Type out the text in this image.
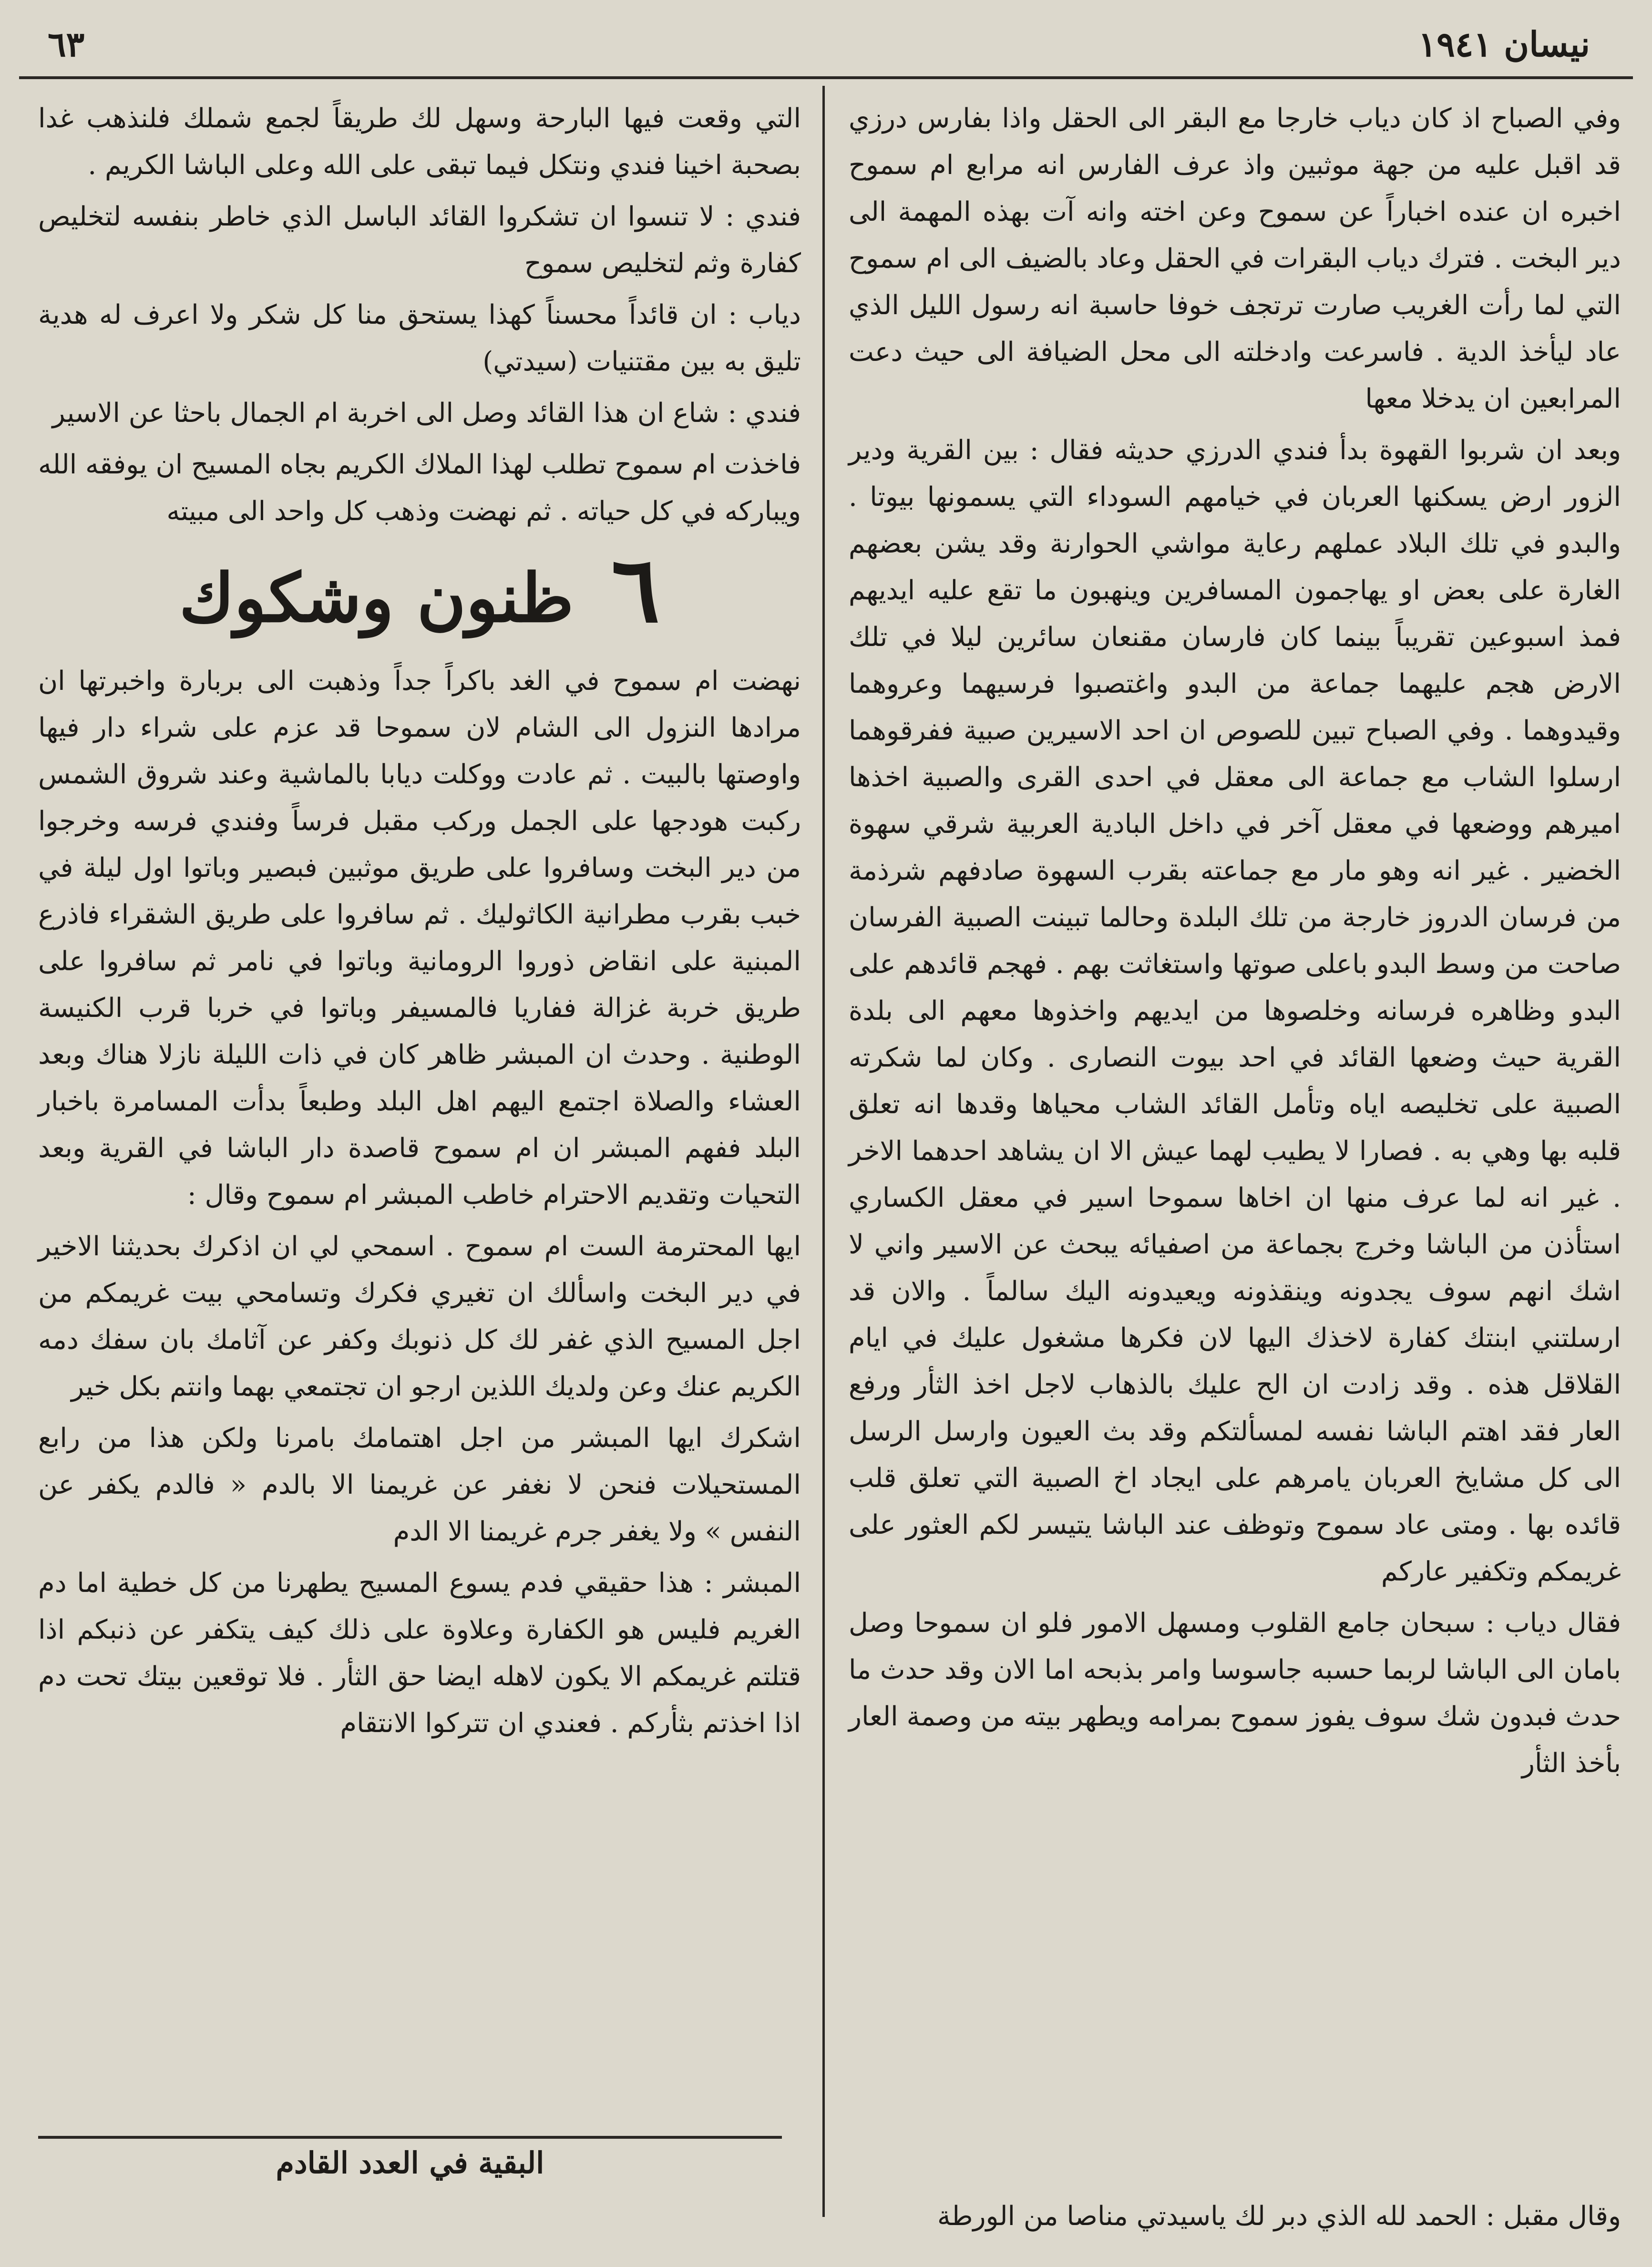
نيسان ١٩٤١
٦٣

وفي الصباح اذ كان دياب خارجا مع البقر الى الحقل واذا بفارس درزي قد اقبل عليه من جهة موثبين واذ عرف الفارس انه مرابع ام سموح اخبره ان عنده اخباراً عن سموح وعن اخته وانه آت بهذه المهمة الى دير البخت . فترك دياب البقرات في الحقل وعاد بالضيف الى ام سموح التي لما رأت الغريب صارت ترتجف خوفا حاسبة انه رسول الليل الذي عاد ليأخذ الدية . فاسرعت وادخلته الى محل الضيافة الى حيث دعت المرابعين ان يدخلا معها

وبعد ان شربوا القهوة بدأ فندي الدرزي حديثه فقال : بين القرية ودير الزور ارض يسكنها العربان في خيامهم السوداء التي يسمونها بيوتا . والبدو في تلك البلاد عملهم رعاية مواشي الحوارنة وقد يشن بعضهم الغارة على بعض او يهاجمون المسافرين وينهبون ما تقع عليه ايديهم فمذ اسبوعين تقريباً بينما كان فارسان مقنعان سائرين ليلا في تلك الارض هجم عليهما جماعة من البدو واغتصبوا فرسيهما وعروهما وقيدوهما . وفي الصباح تبين للصوص ان احد الاسيرين صبية ففرقوهما ارسلوا الشاب مع جماعة الى معقل في احدى القرى والصبية اخذها اميرهم ووضعها في معقل آخر في داخل البادية العربية شرقي سهوة الخضير . غير انه وهو مار مع جماعته بقرب السهوة صادفهم شرذمة من فرسان الدروز خارجة من تلك البلدة وحالما تبينت الصبية الفرسان صاحت من وسط البدو باعلى صوتها واستغاثت بهم . فهجم قائدهم على البدو وظاهره فرسانه وخلصوها من ايديهم واخذوها معهم الى بلدة القرية حيث وضعها القائد في احد بيوت النصارى . وكان لما شكرته الصبية على تخليصه اياه وتأمل القائد الشاب محياها وقدها انه تعلق قلبه بها وهي به . فصارا لا يطيب لهما عيش الا ان يشاهد احدهما الاخر . غير انه لما عرف منها ان اخاها سموحا اسير في معقل الكساري استأذن من الباشا وخرج بجماعة من اصفيائه يبحث عن الاسير واني لا اشك انهم سوف يجدونه وينقذونه ويعيدونه اليك سالماً . والان قد ارسلتني ابنتك كفارة لاخذك اليها لان فكرها مشغول عليك في ايام القلاقل هذه . وقد زادت ان الح عليك بالذهاب لاجل اخذ الثأر ورفع العار فقد اهتم الباشا نفسه لمسألتكم وقد بث العيون وارسل الرسل الى كل مشايخ العربان يامرهم على ايجاد اخ الصبية التي تعلق قلب قائده بها . ومتى عاد سموح وتوظف عند الباشا يتيسر لكم العثور على غريمكم وتكفير عاركم

فقال دياب : سبحان جامع القلوب ومسهل الامور فلو ان سموحا وصل بامان الى الباشا لربما حسبه جاسوسا وامر بذبحه اما الان وقد حدث ما حدث فبدون شك سوف يفوز سموح بمرامه ويطهر بيته من وصمة العار بأخذ الثأر

وقال مقبل : الحمد لله الذي دبر لك ياسيدتي مناصا من الورطة

التي وقعت فيها البارحة وسهل لك طريقاً لجمع شملك فلنذهب غدا بصحبة اخينا فندي ونتكل فيما تبقى على الله وعلى الباشا الكريم .

فندي : لا تنسوا ان تشكروا القائد الباسل الذي خاطر بنفسه لتخليص كفارة وثم لتخليص سموح

دياب : ان قائداً محسناً كهذا يستحق منا كل شكر ولا اعرف له هدية تليق به بين مقتنيات (سيدتي)

فندي : شاع ان هذا القائد وصل الى اخربة ام الجمال باحثا عن الاسير

فاخذت ام سموح تطلب لهذا الملاك الكريم بجاه المسيح ان يوفقه الله ويباركه في كل حياته . ثم نهضت وذهب كل واحد الى مبيته

٦ ظنون وشكوك

نهضت ام سموح في الغد باكراً جداً وذهبت الى بربارة واخبرتها ان مرادها النزول الى الشام لان سموحا قد عزم على شراء دار فيها واوصتها بالبيت . ثم عادت ووكلت ديابا بالماشية وعند شروق الشمس ركبت هودجها على الجمل وركب مقبل فرساً وفندي فرسه وخرجوا من دير البخت وسافروا على طريق موثبين فبصير وباتوا اول ليلة في خبب بقرب مطرانية الكاثوليك . ثم سافروا على طريق الشقراء فاذرع المبنية على انقاض ذوروا الرومانية وباتوا في نامر ثم سافروا على طريق خربة غزالة ففاريا فالمسيفر وباتوا في خربا قرب الكنيسة الوطنية . وحدث ان المبشر ظاهر كان في ذات الليلة نازلا هناك وبعد العشاء والصلاة اجتمع اليهم اهل البلد وطبعاً بدأت المسامرة باخبار البلد ففهم المبشر ان ام سموح قاصدة دار الباشا في القرية وبعد التحيات وتقديم الاحترام خاطب المبشر ام سموح وقال :

ايها المحترمة الست ام سموح . اسمحي لي ان اذكرك بحديثنا الاخير في دير البخت واسألك ان تغيري فكرك وتسامحي بيت غريمكم من اجل المسيح الذي غفر لك كل ذنوبك وكفر عن آثامك بان سفك دمه الكريم عنك وعن ولديك اللذين ارجو ان تجتمعي بهما وانتم بكل خير

اشكرك ايها المبشر من اجل اهتمامك بامرنا ولكن هذا من رابع المستحيلات فنحن لا نغفر عن غريمنا الا بالدم « فالدم يكفر عن النفس » ولا يغفر جرم غريمنا الا الدم

المبشر : هذا حقيقي فدم يسوع المسيح يطهرنا من كل خطية اما دم الغريم فليس هو الكفارة وعلاوة على ذلك كيف يتكفر عن ذنبكم اذا قتلتم غريمكم الا يكون لاهله ايضا حق الثأر . فلا توقعين بيتك تحت دم اذا اخذتم بثأركم . فعندي ان تتركوا الانتقام

البقية في العدد القادم
